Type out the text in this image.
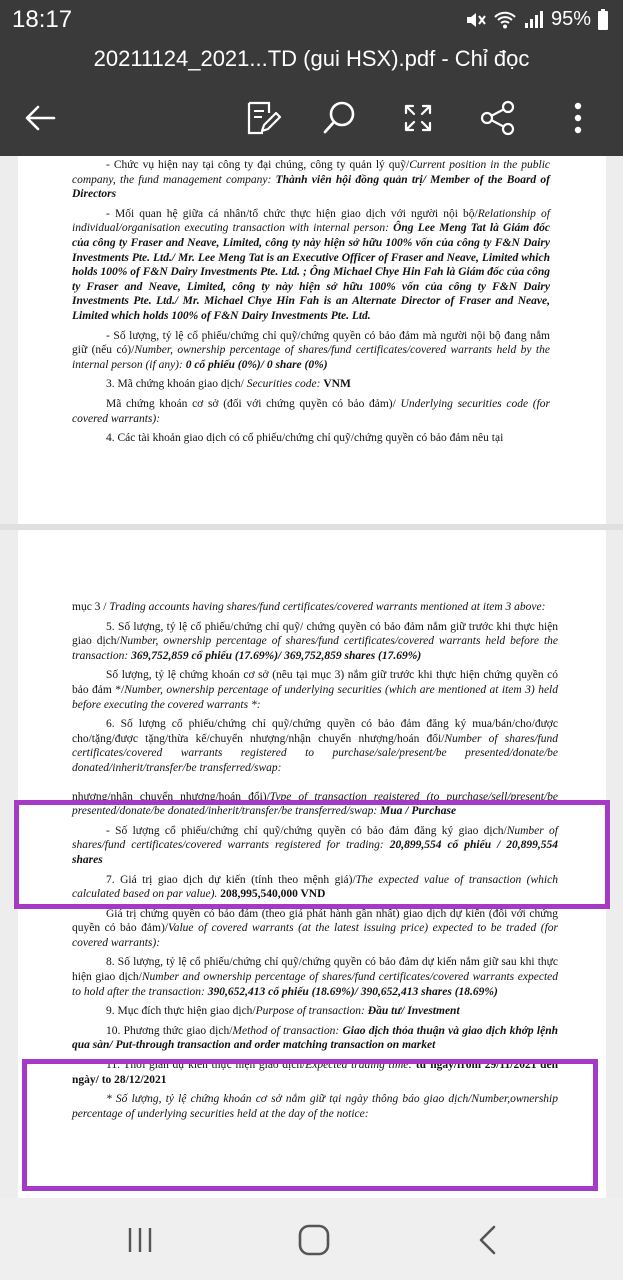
18:17	95%
20211124_2021...TD (gui HSX).pdf - Chỉ đọc

- Chức vụ hiện nay tại công ty đại chúng, công ty quản lý quỹ/Current position in the public company, the fund management company: Thành viên hội đồng quản trị/ Member of the Board of Directors

- Mối quan hệ giữa cá nhân/tổ chức thực hiện giao dịch với người nội bộ/Relationship of individual/organisation executing transaction with internal person: Ông Lee Meng Tat là Giám đốc của công ty Fraser and Neave, Limited, công ty này hiện sở hữu 100% vốn của công ty F&N Dairy Investments Pte. Ltd./ Mr. Lee Meng Tat is an Executive Officer of Fraser and Neave, Limited which holds 100% of F&N Dairy Investments Pte. Ltd. ; Ông Michael Chye Hin Fah là Giám đốc của công ty Fraser and Neave, Limited, công ty này hiện sở hữu 100% vốn của công ty F&N Dairy Investments Pte. Ltd./ Mr. Michael Chye Hin Fah is an Alternate Director of Fraser and Neave, Limited which holds 100% of F&N Dairy Investments Pte. Ltd.

- Số lượng, tỷ lệ cổ phiếu/chứng chỉ quỹ/chứng quyền có bảo đảm mà người nội bộ đang nắm giữ (nếu có)/Number, ownership percentage of shares/fund certificates/covered warrants held by the internal person (if any): 0 cổ phiếu (0%)/ 0 share (0%)

3. Mã chứng khoán giao dịch/ Securities code: VNM

Mã chứng khoán cơ sở (đối với chứng quyền có bảo đảm)/ Underlying securities code (for covered warrants):

4. Các tài khoản giao dịch có cổ phiếu/chứng chỉ quỹ/chứng quyền có bảo đảm nêu tại

mục 3 / Trading accounts having shares/fund certificates/covered warrants mentioned at item 3 above:

5. Số lượng, tỷ lệ cổ phiếu/chứng chỉ quỹ/ chứng quyền có bảo đảm nắm giữ trước khi thực hiện giao dịch/Number, ownership percentage of shares/fund certificates/covered warrants held before the transaction: 369,752,859 cổ phiếu (17.69%)/ 369,752,859 shares (17.69%)

Số lượng, tỷ lệ chứng khoán cơ sở (nêu tại mục 3) nắm giữ trước khi thực hiện chứng quyền có bảo đảm */Number, ownership percentage of underlying securities (which are mentioned at item 3) held before executing the covered warrants *:

6. Số lượng cổ phiếu/chứng chỉ quỹ/chứng quyền có bảo đảm đăng ký mua/bán/cho/được cho/tặng/được tặng/thừa kế/chuyển nhượng/nhận chuyển nhượng/hoán đổi/Number of shares/fund certificates/covered warrants registered to purchase/sale/present/be presented/donate/be donated/inherit/transfer/be transferred/swap:

nhượng/nhận chuyển nhượng/hoán đổi)/Type of transaction registered (to purchase/sell/present/be presented/donate/be donated/inherit/transfer/be transferred/swap: Mua / Purchase

- Số lượng cổ phiếu/chứng chỉ quỹ/chứng quyền có bảo đảm đăng ký giao dịch/Number of shares/fund certificates/covered warrants registered for trading: 20,899,554 cổ phiếu / 20,899,554 shares

7. Giá trị giao dịch dự kiến (tính theo mệnh giá)/The expected value of transaction (which calculated based on par value). 208,995,540,000 VND

Giá trị chứng quyền có bảo đảm (theo giá phát hành gần nhất) giao dịch dự kiến (đối với chứng quyền có bảo đảm)/Value of covered warrants (at the latest issuing price) expected to be traded (for covered warrants):

8. Số lượng, tỷ lệ cổ phiếu/chứng chỉ quỹ/chứng quyền có bảo đảm dự kiến nắm giữ sau khi thực hiện giao dịch/Number and ownership percentage of shares/fund certificates/covered warrants expected to hold after the transaction: 390,652,413 cổ phiếu (18.69%)/ 390,652,413 shares (18.69%)

9. Mục đích thực hiện giao dịch/Purpose of transaction: Đầu tư/ Investment

10. Phương thức giao dịch/Method of transaction: Giao dịch thỏa thuận và giao dịch khớp lệnh qua sàn/ Put-through transaction and order matching transaction on market

11. Thời gian dự kiến thực hiện giao dịch/Expected trading time: từ ngày/from 29/11/2021 đến ngày/ to 28/12/2021

* Số lượng, tỷ lệ chứng khoán cơ sở nắm giữ tại ngày thông báo giao dịch/Number,ownership percentage of underlying securities held at the day of the notice:
